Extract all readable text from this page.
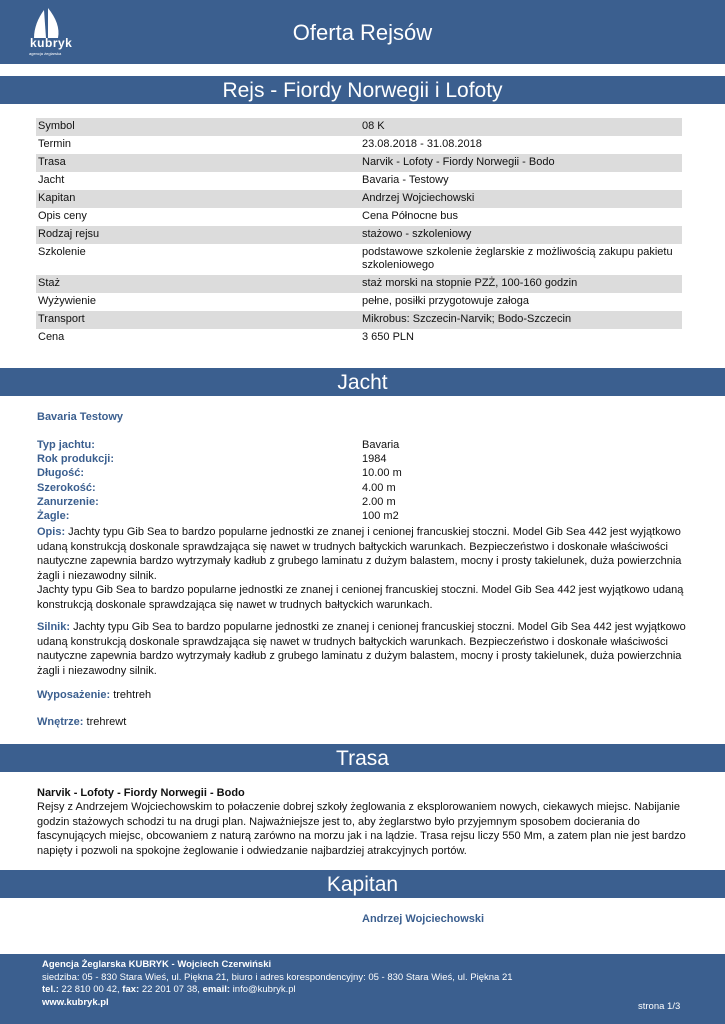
kubryk
agencja żeglarska
Oferta Rejsów
Rejs - Fiordy Norwegii i Lofoty
Symbol	08 K
Termin	23.08.2018 - 31.08.2018
Trasa	Narvik - Lofoty - Fiordy Norwegii - Bodo
Jacht	Bavaria - Testowy
Kapitan	Andrzej Wojciechowski
Opis ceny	Cena Północne bus
Rodzaj rejsu	stażowo - szkoleniowy
Szkolenie	podstawowe szkolenie żeglarskie z możliwością zakupu pakietu szkoleniowego
Staż	staż morski na stopnie PZŻ, 100-160 godzin
Wyżywienie	pełne, posiłki przygotowuje załoga
Transport	Mikrobus: Szczecin-Narvik; Bodo-Szczecin
Cena	3 650 PLN
Jacht
Bavaria Testowy
Typ jachtu:	Bavaria
Rok produkcji:	1984
Długość:	10.00 m
Szerokość:	4.00 m
Zanurzenie:	2.00 m
Żagle:	100 m2
Opis: Jachty typu Gib Sea to bardzo popularne jednostki ze znanej i cenionej francuskiej stoczni. Model Gib Sea 442 jest wyjątkowo udaną konstrukcją doskonale sprawdzająca się nawet w trudnych bałtyckich warunkach. Bezpieczeństwo i doskonałe właściwości nautyczne zapewnia bardzo wytrzymały kadłub z grubego laminatu z dużym balastem, mocny i prosty takielunek, duża powierzchnia żagli i niezawodny silnik.
Jachty typu Gib Sea to bardzo popularne jednostki ze znanej i cenionej francuskiej stoczni. Model Gib Sea 442 jest wyjątkowo udaną konstrukcją doskonale sprawdzająca się nawet w trudnych bałtyckich warunkach.
Silnik: Jachty typu Gib Sea to bardzo popularne jednostki ze znanej i cenionej francuskiej stoczni. Model Gib Sea 442 jest wyjątkowo udaną konstrukcją doskonale sprawdzająca się nawet w trudnych bałtyckich warunkach. Bezpieczeństwo i doskonałe właściwości nautyczne zapewnia bardzo wytrzymały kadłub z grubego laminatu z dużym balastem, mocny i prosty takielunek, duża powierzchnia żagli i niezawodny silnik.
Wyposażenie: trehtreh
Wnętrze: trehrewt
Trasa
Narvik - Lofoty - Fiordy Norwegii - Bodo
Rejsy z Andrzejem Wojciechowskim to połaczenie dobrej szkoły żeglowania z eksplorowaniem nowych, ciekawych miejsc. Nabijanie godzin stażowych schodzi tu na drugi plan. Najważniejsze jest to, aby żeglarstwo było przyjemnym sposobem docierania do fascynujących miejsc, obcowaniem z naturą zarówno na morzu jak i na lądzie. Trasa rejsu liczy 550 Mm, a zatem plan nie jest bardzo napięty i pozwoli na spokojne żeglowanie i odwiedzanie najbardziej atrakcyjnych portów.
Kapitan
Andrzej Wojciechowski
Agencja Żeglarska KUBRYK - Wojciech Czerwiński
siedziba: 05 - 830 Stara Wieś, ul. Piękna 21, biuro i adres korespondencyjny: 05 - 830 Stara Wieś, ul. Piękna 21
tel.: 22 810 00 42, fax: 22 201 07 38, email: info@kubryk.pl
www.kubryk.pl	strona 1/3
